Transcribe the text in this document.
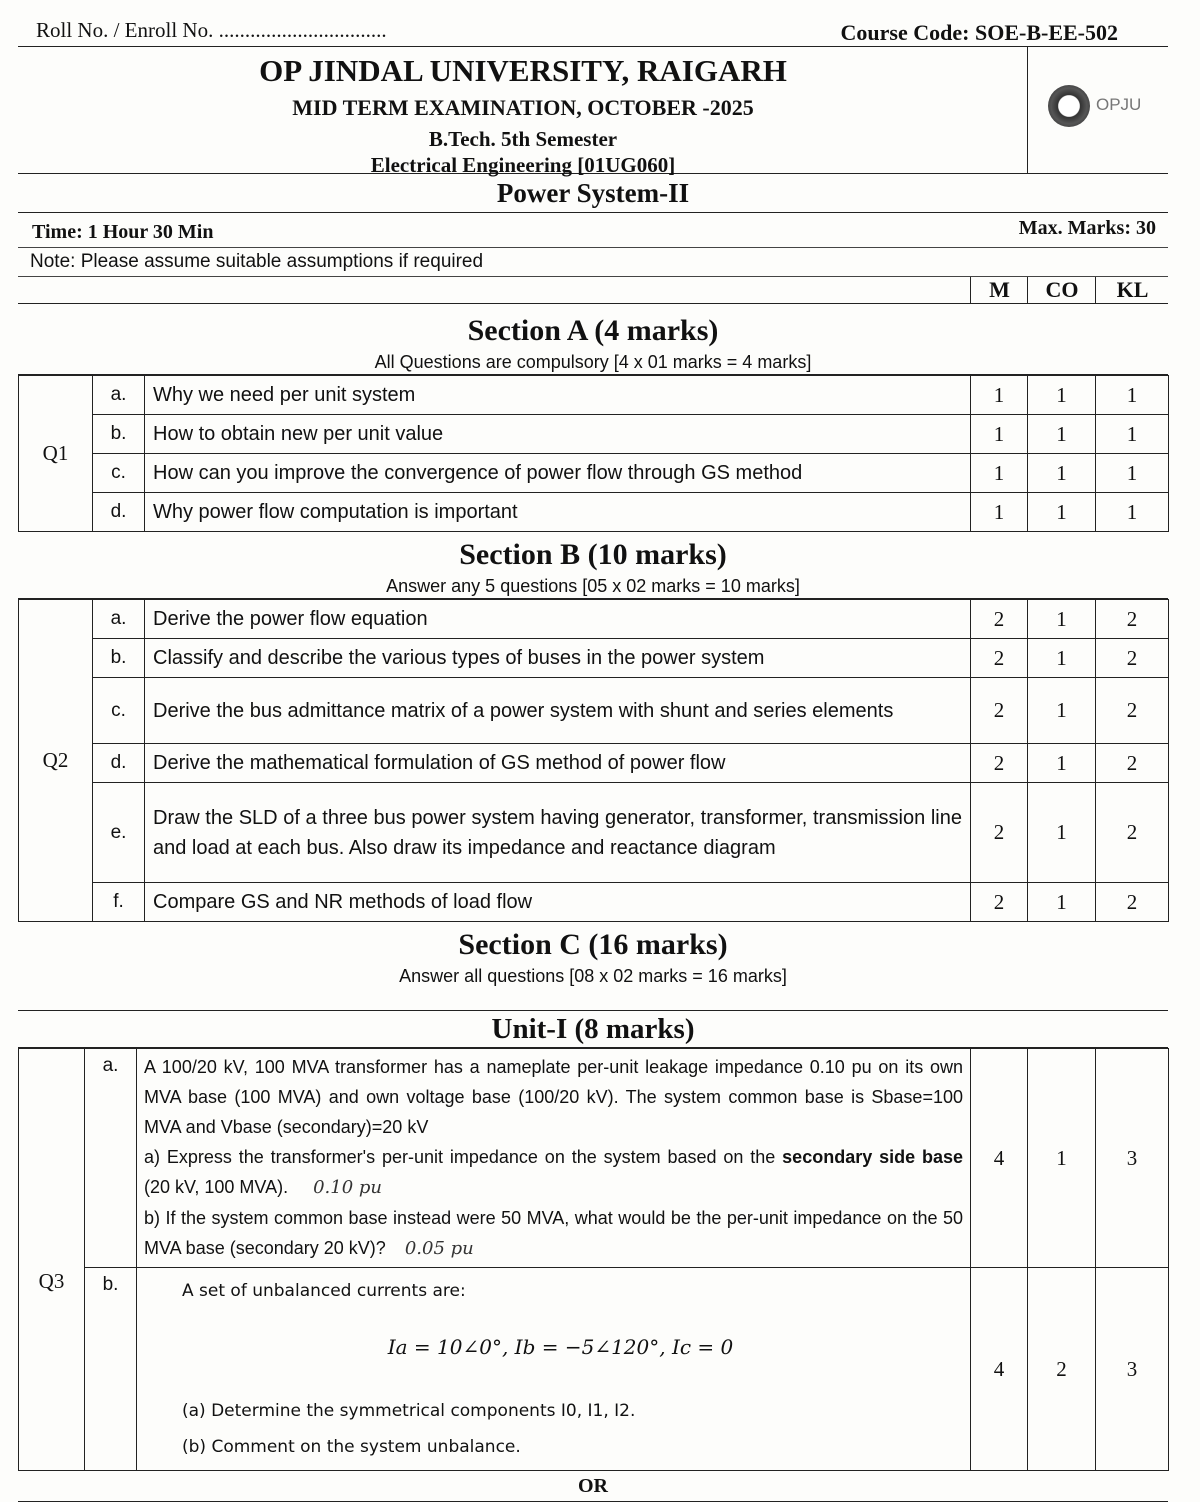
Roll No. / Enroll No. ................................	Course Code: SOE-B-EE-502
OP JINDAL UNIVERSITY, RAIGARH
MID TERM EXAMINATION, OCTOBER -2025
B.Tech. 5th Semester
Electrical Engineering [01UG060]
OPJU
Power System-II
Time: 1 Hour 30 Min	Max. Marks: 30
Note: Please assume suitable assumptions if required
M	CO	KL
Section A (4 marks)
All Questions are compulsory [4 x 01 marks = 4 marks]
Q1	a.	Why we need per unit system	1	1	1
	b.	How to obtain new per unit value	1	1	1
	c.	How can you improve the convergence of power flow through GS method	1	1	1
	d.	Why power flow computation is important	1	1	1
Section B (10 marks)
Answer any 5 questions [05 x 02 marks = 10 marks]
Q2	a.	Derive the power flow equation	2	1	2
	b.	Classify and describe the various types of buses in the power system	2	1	2
	c.	Derive the bus admittance matrix of a power system with shunt and series elements	2	1	2
	d.	Derive the mathematical formulation of GS method of power flow	2	1	2
	e.	Draw the SLD of a three bus power system having generator, transformer, transmission line and load at each bus. Also draw its impedance and reactance diagram	2	1	2
	f.	Compare GS and NR methods of load flow	2	1	2
Section C (16 marks)
Answer all questions [08 x 02 marks = 16 marks]
Unit-I (8 marks)
Q3	a.	A 100/20 kV, 100 MVA transformer has a nameplate per-unit leakage impedance 0.10 pu on its own MVA base (100 MVA) and own voltage base (100/20 kV). The system common base is Sbase=100 MVA and Vbase (secondary)=20 kV
a) Express the transformer's per-unit impedance on the system based on the secondary side base (20 kV, 100 MVA). 0.10 pu
b) If the system common base instead were 50 MVA, what would be the per-unit impedance on the 50 MVA base (secondary 20 kV)? 0.05 pu	4	1	3
	b.	A set of unbalanced currents are:

Ia = 10∠0°, Ib = −5∠120°, Ic = 0

(a) Determine the symmetrical components I0, I1, I2.

(b) Comment on the system unbalance.	4	2	3
OR
